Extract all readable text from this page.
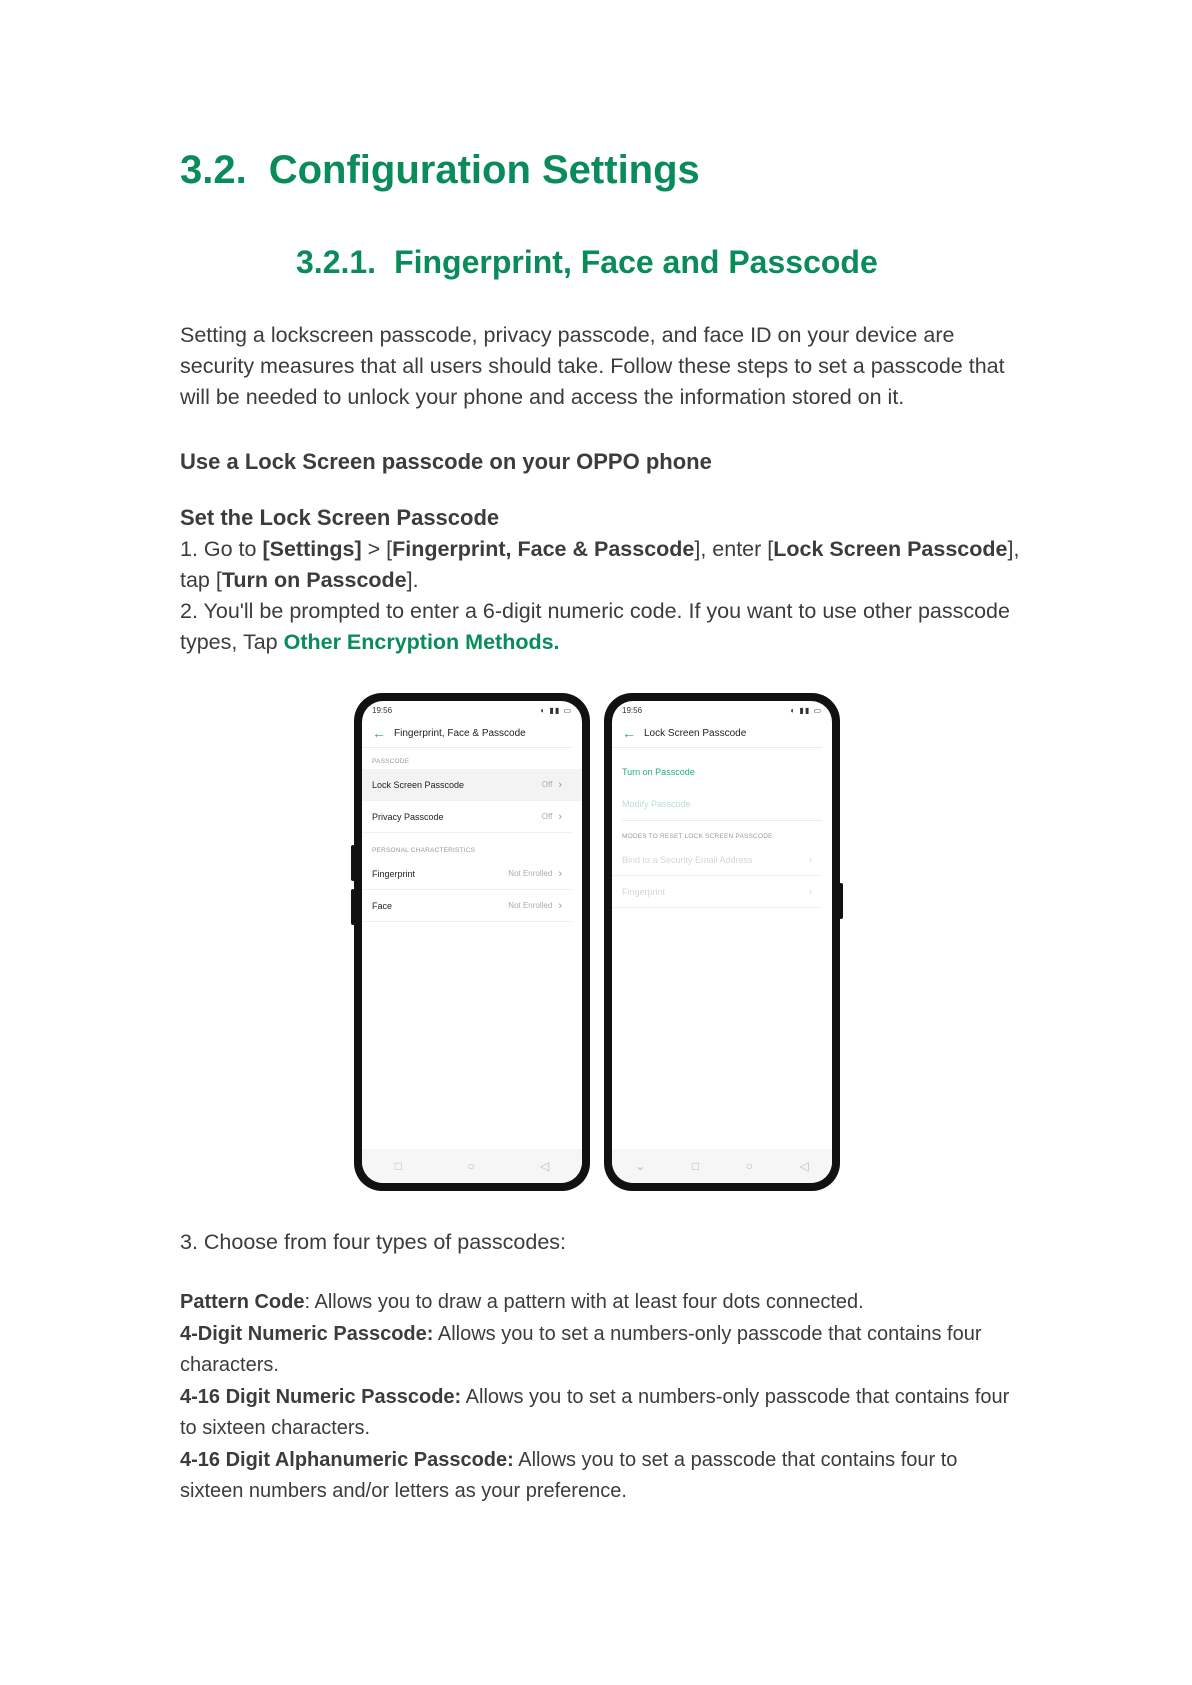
3.2. Configuration Settings
3.2.1. Fingerprint, Face and Passcode

Setting a lockscreen passcode, privacy passcode, and face ID on your device are security measures that all users should take. Follow these steps to set a passcode that will be needed to unlock your phone and access the information stored on it.

Use a Lock Screen passcode on your OPPO phone

Set the Lock Screen Passcode

1. Go to [Settings] > [Fingerprint, Face & Passcode], enter [Lock Screen Passcode], tap [Turn on Passcode].

2. You'll be prompted to enter a 6-digit numeric code. If you want to use other passcode types, Tap Other Encryption Methods.

19:56	◐ ▮▮ ▭
← Fingerprint, Face & Passcode
PASSCODE
Lock Screen Passcode	Off ›
Privacy Passcode	Off ›
PERSONAL CHARACTERISTICS
Fingerprint	Not Enrolled ›
Face	Not Enrolled ›
□	○	◁
19:56	◐ ▮▮ ▭
← Lock Screen Passcode
Turn on Passcode
Modify Passcode
MODES TO RESET LOCK SCREEN PASSCODE
Bind to a Security Email Address	›
Fingerprint	›
⌄	□	○	◁

3. Choose from four types of passcodes:

Pattern Code: Allows you to draw a pattern with at least four dots connected.
4-Digit Numeric Passcode: Allows you to set a numbers-only passcode that contains four characters.
4-16 Digit Numeric Passcode: Allows you to set a numbers-only passcode that contains four to sixteen characters.
4-16 Digit Alphanumeric Passcode: Allows you to set a passcode that contains four to sixteen numbers and/or letters as your preference.
